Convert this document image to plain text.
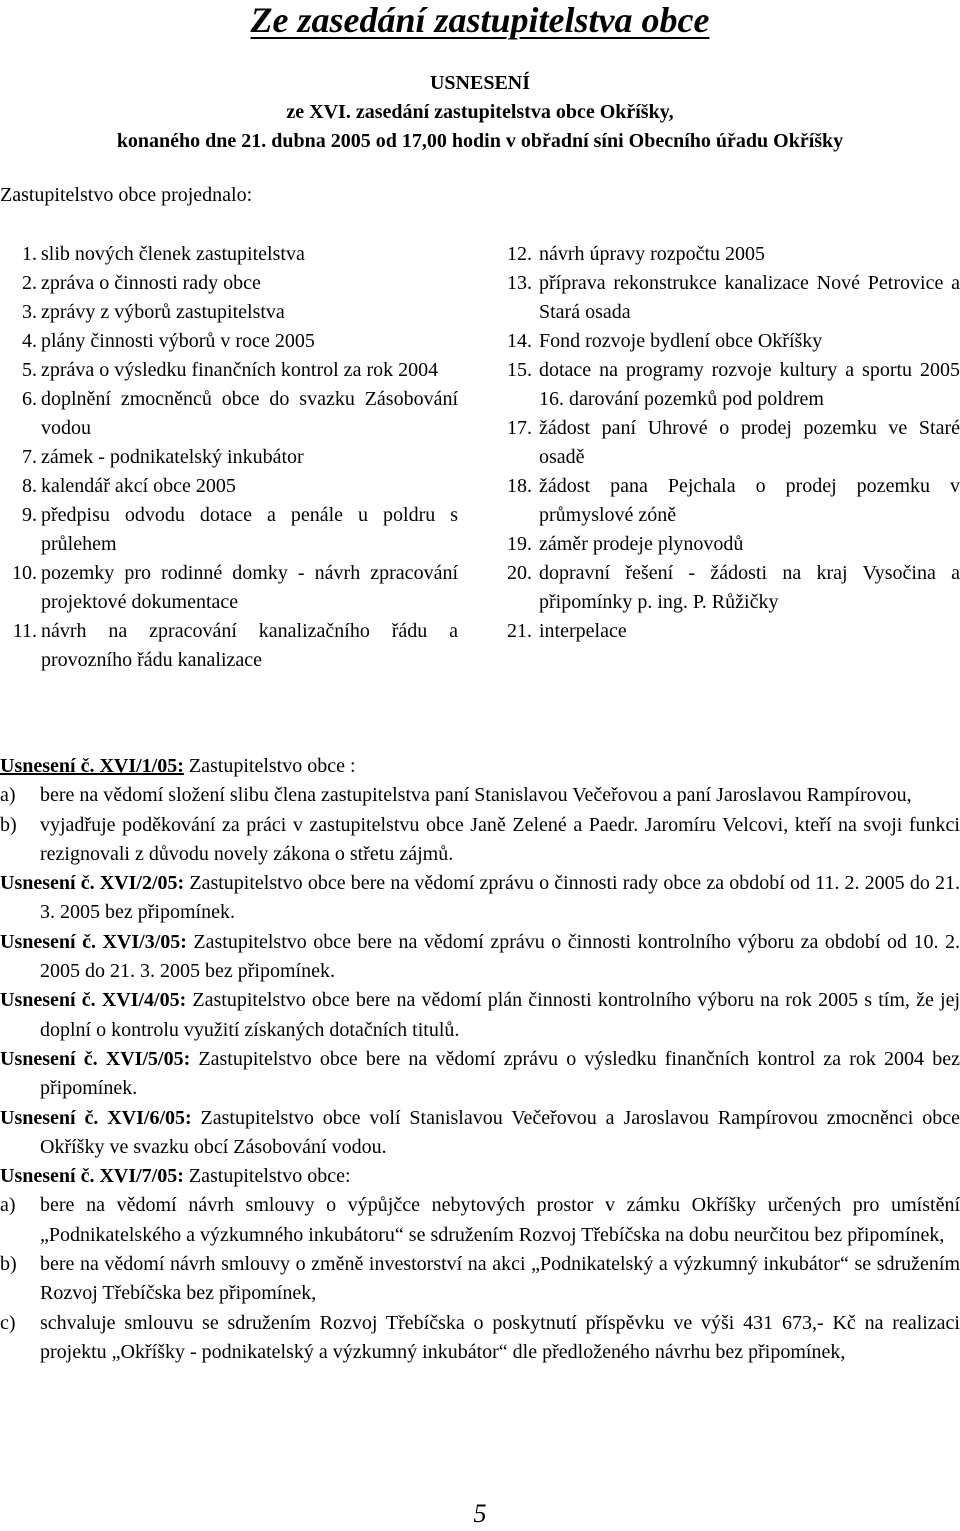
Ze zasedání zastupitelstva obce
USNESENÍ
ze XVI. zasedání zastupitelstva obce Okříšky,
konaného dne 21. dubna 2005 od 17,00 hodin v obřadní síni Obecního úřadu Okříšky
Zastupitelstvo obce projednalo:
1. slib nových členek zastupitelstva
2. zpráva o činnosti rady obce
3. zprávy z výborů zastupitelstva
4. plány činnosti výborů v roce 2005
5. zpráva o výsledku finančních kontrol za rok 2004
6. doplnění zmocněnců obce do svazku Zásobování vodou
7. zámek - podnikatelský inkubátor
8. kalendář akcí obce 2005
9. předpisu odvodu dotace a penále u poldru s průlehem
10. pozemky pro rodinné domky - návrh zpracování projektové dokumentace
11. návrh na zpracování kanalizačního řádu a provozního řádu kanalizace
12. návrh úpravy rozpočtu 2005
13. příprava rekonstrukce kanalizace Nové Petrovice a Stará osada
14. Fond rozvoje bydlení obce Okříšky
15. dotace na programy rozvoje kultury a sportu 2005 16. darování pozemků pod poldrem
17. žádost paní Uhrové o prodej pozemku ve Staré osadě
18. žádost pana Pejchala o prodej pozemku v průmyslové zóně
19. záměr prodeje plynovodů
20. dopravní řešení - žádosti na kraj Vysočina a připomínky p. ing. P. Růžičky
21. interpelace
Usnesení č. XVI/1/05: Zastupitelstvo obce :
a) bere na vědomí složení slibu člena zastupitelstva paní Stanislavou Večeřovou a paní Jaroslavou Rampírovou,
b) vyjadřuje poděkování za práci v zastupitelstvu obce Janě Zelené a Paedr. Jaromíru Velcovi, kteří na svoji funkci rezignovali z důvodu novely zákona o střetu zájmů.
Usnesení č. XVI/2/05: Zastupitelstvo obce bere na vědomí zprávu o činnosti rady obce za období od 11. 2. 2005 do 21. 3. 2005 bez připomínek.
Usnesení č. XVI/3/05: Zastupitelstvo obce bere na vědomí zprávu o činnosti kontrolního výboru za období od 10. 2. 2005 do 21. 3. 2005 bez připomínek.
Usnesení č. XVI/4/05: Zastupitelstvo obce bere na vědomí plán činnosti kontrolního výboru na rok 2005 s tím, že jej doplní o kontrolu využití získaných dotačních titulů.
Usnesení č. XVI/5/05: Zastupitelstvo obce bere na vědomí zprávu o výsledku finančních kontrol za rok 2004 bez připomínek.
Usnesení č. XVI/6/05: Zastupitelstvo obce volí Stanislavou Večeřovou a Jaroslavou Rampírovou zmocněnci obce Okříšky ve svazku obcí Zásobování vodou.
Usnesení č. XVI/7/05: Zastupitelstvo obce:
a) bere na vědomí návrh smlouvy o výpůjčce nebytových prostor v zámku Okříšky určených pro umístění „Podnikatelského a výzkumného inkubátoru“ se sdružením Rozvoj Třebíčska na dobu neurčitou bez připomínek,
b) bere na vědomí návrh smlouvy o změně investorství na akci „Podnikatelský a výzkumný inkubátor“ se sdružením Rozvoj Třebíčska bez připomínek,
c) schvaluje smlouvu se sdružením Rozvoj Třebíčska o poskytnutí příspěvku ve výši 431 673,- Kč na realizaci projektu „Okříšky - podnikatelský a výzkumný inkubátor“ dle předloženého návrhu bez připomínek,
5
